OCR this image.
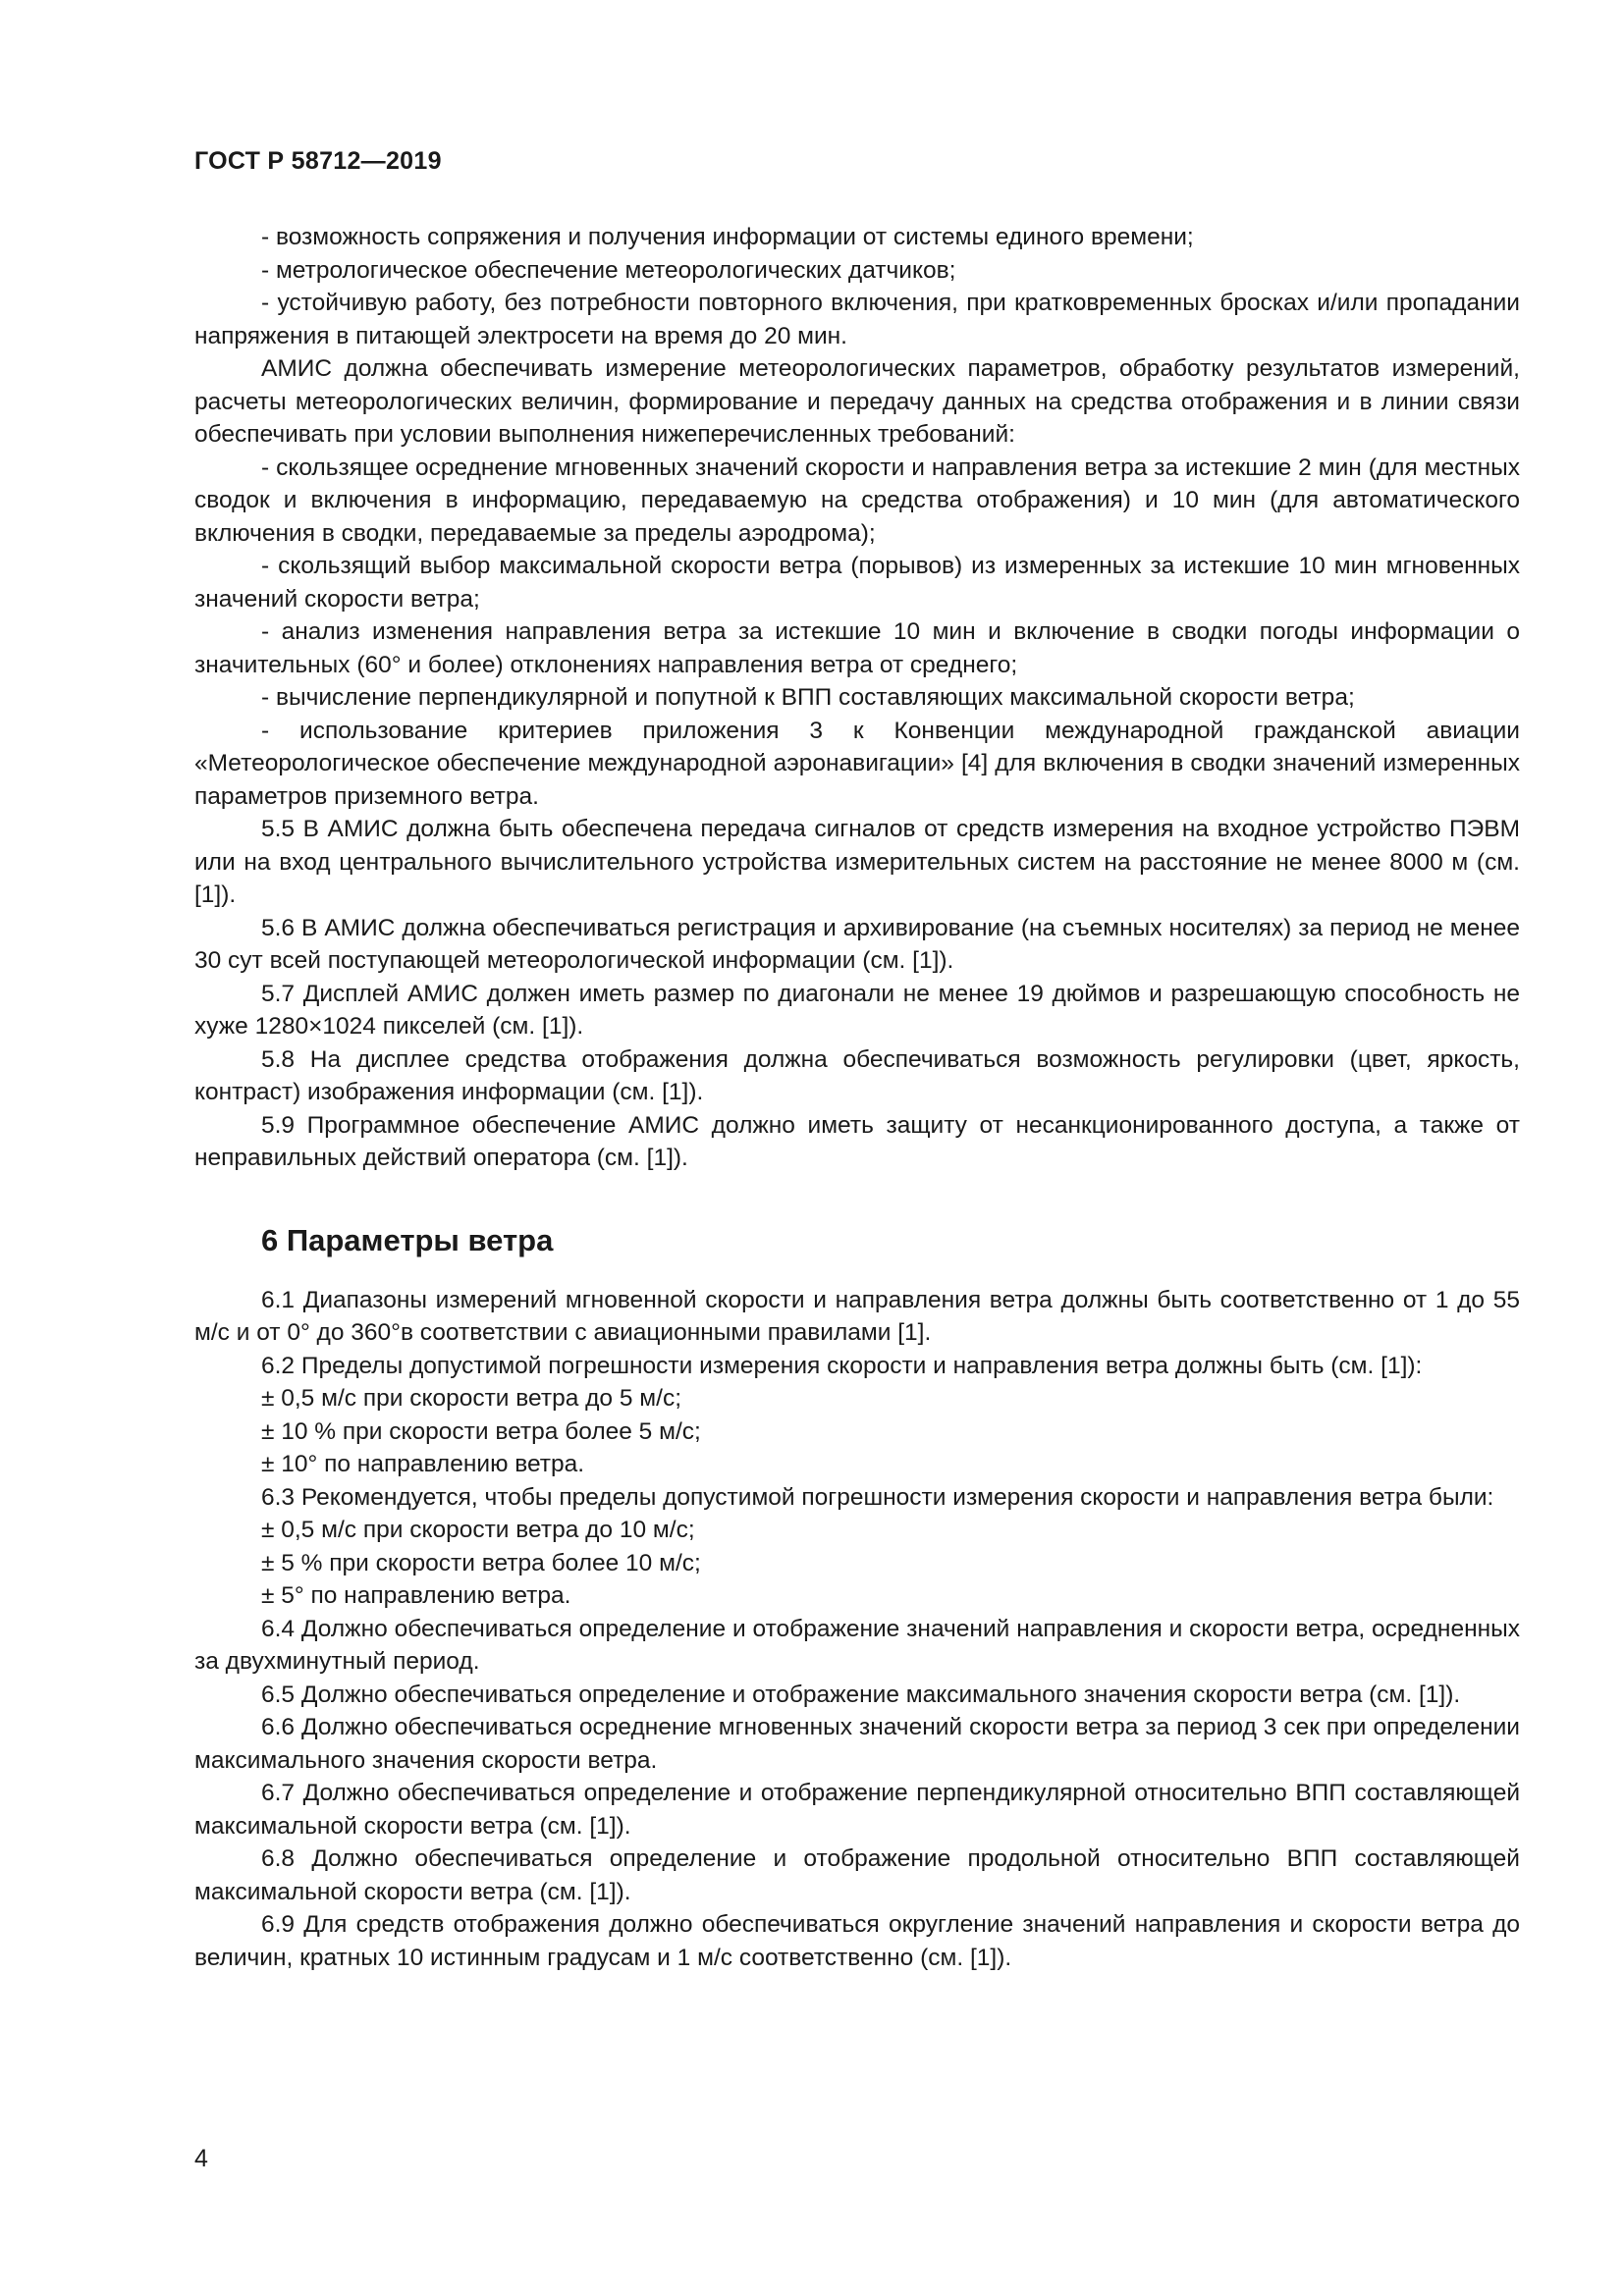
ГОСТ Р 58712—2019

- возможность сопряжения и получения информации от системы единого времени;

- метрологическое обеспечение метеорологических датчиков;

- устойчивую работу, без потребности повторного включения, при кратковременных бросках и/или пропадании напряжения в питающей электросети на время до 20 мин.

АМИС должна обеспечивать измерение метеорологических параметров, обработку результатов измерений, расчеты метеорологических величин, формирование и передачу данных на средства отображения и в линии связи обеспечивать при условии выполнения нижеперечисленных требований:

- скользящее осреднение мгновенных значений скорости и направления ветра за истекшие 2 мин (для местных сводок и включения в информацию, передаваемую на средства отображения) и 10 мин (для автоматического включения в сводки, передаваемые за пределы аэродрома);

- скользящий выбор максимальной скорости ветра (порывов) из измеренных за истекшие 10 мин мгновенных значений скорости ветра;

- анализ изменения направления ветра за истекшие 10 мин и включение в сводки погоды информации о значительных (60° и более) отклонениях направления ветра от среднего;

- вычисление перпендикулярной и попутной к ВПП составляющих максимальной скорости ветра;

- использование критериев приложения 3 к Конвенции международной гражданской авиации «Метеорологическое обеспечение международной аэронавигации» [4] для включения в сводки значений измеренных параметров приземного ветра.

5.5 В АМИС должна быть обеспечена передача сигналов от средств измерения на входное устройство ПЭВМ или на вход центрального вычислительного устройства измерительных систем на расстояние не менее 8000 м (см. [1]).

5.6 В АМИС должна обеспечиваться регистрация и архивирование (на съемных носителях) за период не менее 30 сут всей поступающей метеорологической информации (см. [1]).

5.7 Дисплей АМИС должен иметь размер по диагонали не менее 19 дюймов и разрешающую способность не хуже 1280×1024 пикселей (см. [1]).

5.8 На дисплее средства отображения должна обеспечиваться возможность регулировки (цвет, яркость, контраст) изображения информации (см. [1]).

5.9 Программное обеспечение АМИС должно иметь защиту от несанкционированного доступа, а также от неправильных действий оператора (см. [1]).

6 Параметры ветра

6.1 Диапазоны измерений мгновенной скорости и направления ветра должны быть соответственно от 1 до 55 м/с и от 0° до 360°в соответствии с авиационными правилами [1].

6.2 Пределы допустимой погрешности измерения скорости и направления ветра должны быть (см. [1]):

± 0,5 м/с при скорости ветра до 5 м/с;

± 10 % при скорости ветра более 5 м/с;

± 10° по направлению ветра.

6.3 Рекомендуется, чтобы пределы допустимой погрешности измерения скорости и направления ветра были:

± 0,5 м/с при скорости ветра до 10 м/с;

± 5 % при скорости ветра более 10 м/с;

± 5° по направлению ветра.

6.4 Должно обеспечиваться определение и отображение значений направления и скорости ветра, осредненных за двухминутный период.

6.5 Должно обеспечиваться определение и отображение максимального значения скорости ветра (см. [1]).

6.6 Должно обеспечиваться осреднение мгновенных значений скорости ветра за период 3 сек при определении максимального значения скорости ветра.

6.7 Должно обеспечиваться определение и отображение перпендикулярной относительно ВПП составляющей максимальной скорости ветра (см. [1]).

6.8 Должно обеспечиваться определение и отображение продольной относительно ВПП составляющей максимальной скорости ветра (см. [1]).

6.9 Для средств отображения должно обеспечиваться округление значений направления и скорости ветра до величин, кратных 10 истинным градусам и 1 м/с соответственно (см. [1]).

4
